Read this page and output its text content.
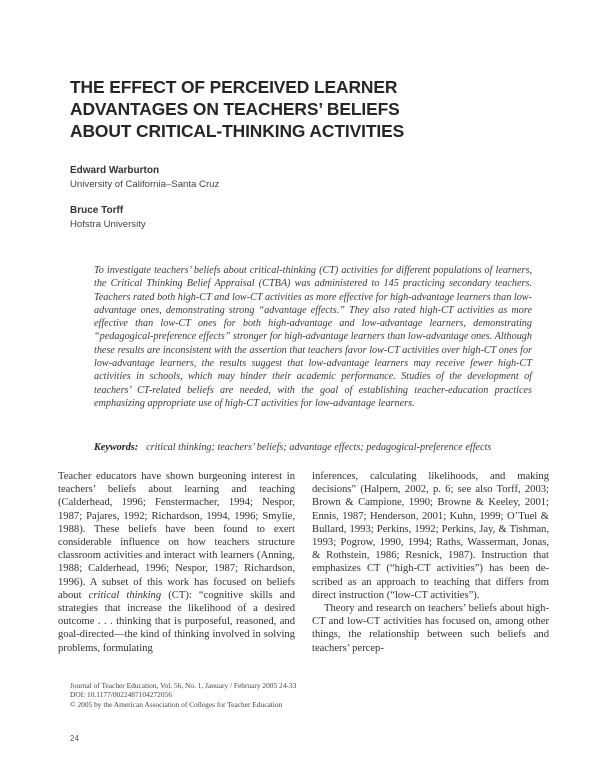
THE EFFECT OF PERCEIVED LEARNER
ADVANTAGES ON TEACHERS’ BELIEFS
ABOUT CRITICAL-THINKING ACTIVITIES
Edward Warburton
University of California–Santa Cruz
Bruce Torff
Hofstra University

To investigate teachers’ beliefs about critical-thinking (CT) activities for different populations of learners, the Critical Thinking Belief Appraisal (CTBA) was administered to 145 practicing secondary teachers. Teachers rated both high-CT and low-CT activities as more effective for high-advantage learners than low-advantage ones, demonstrating strong “advantage effects.” They also rated high-CT activities as more effective than low-CT ones for both high-advantage and low-advantage learners, demonstrating “pedagogical-preference effects” stronger for high-advantage learners than low-advantage ones. Although these results are inconsistent with the assertion that teachers favor low-CT activities over high-CT ones for low-advantage learners, the results suggest that low-advantage learners may receive fewer high-CT activities in schools, which may hinder their academic performance. Studies of the development of teachers’ CT-related beliefs are needed, with the goal of establishing teacher-education practices emphasizing appropriate use of high-CT activities for low-advantage learners.

Keywords: critical thinking; teachers’ beliefs; advantage effects; pedagogical-preference effects

Teacher educators have shown burgeoning interest in teachers’ beliefs about learning and teaching (Calderhead, 1996; Fenstermacher, 1994; Nespor, 1987; Pajares, 1992; Richardson, 1994, 1996; Smylie, 1988). These beliefs have been found to exert considerable influence on how teachers structure classroom activities and interact with learners (Anning, 1988; Calderhead, 1996; Nespor, 1987; Richardson, 1996). A subset of this work has focused on beliefs about critical thinking (CT): “cognitive skills and strategies that increase the likelihood of a desired outcome . . . thinking that is purposeful, reasoned, and goal-directed—the kind of thinking involved in solving problems, formulating

inferences, calculating likelihoods, and making decisions” (Halpern, 2002, p. 6; see also Torff, 2003; Brown & Campione, 1990; Browne & Keeley, 2001; Ennis, 1987; Henderson, 2001; Kuhn, 1999; O’Tuel & Bullard, 1993; Perkins, 1992; Perkins, Jay, & Tishman, 1993; Pogrow, 1990, 1994; Raths, Wasserman, Jonas, & Rothstein, 1986; Resnick, 1987). Instruction that emphasizes CT (“high-CT activities”) has been described as an approach to teaching that differs from direct instruction (“low-CT activities”).

Theory and research on teachers’ beliefs about high-CT and low-CT activities has focused on, among other things, the relationship between such beliefs and teachers’ percep-

Journal of Teacher Education, Vol. 56, No. 1, January / February 2005 24-33
DOI: 10.1177/0022487104272056
© 2005 by the American Association of Colleges for Teacher Education
24
